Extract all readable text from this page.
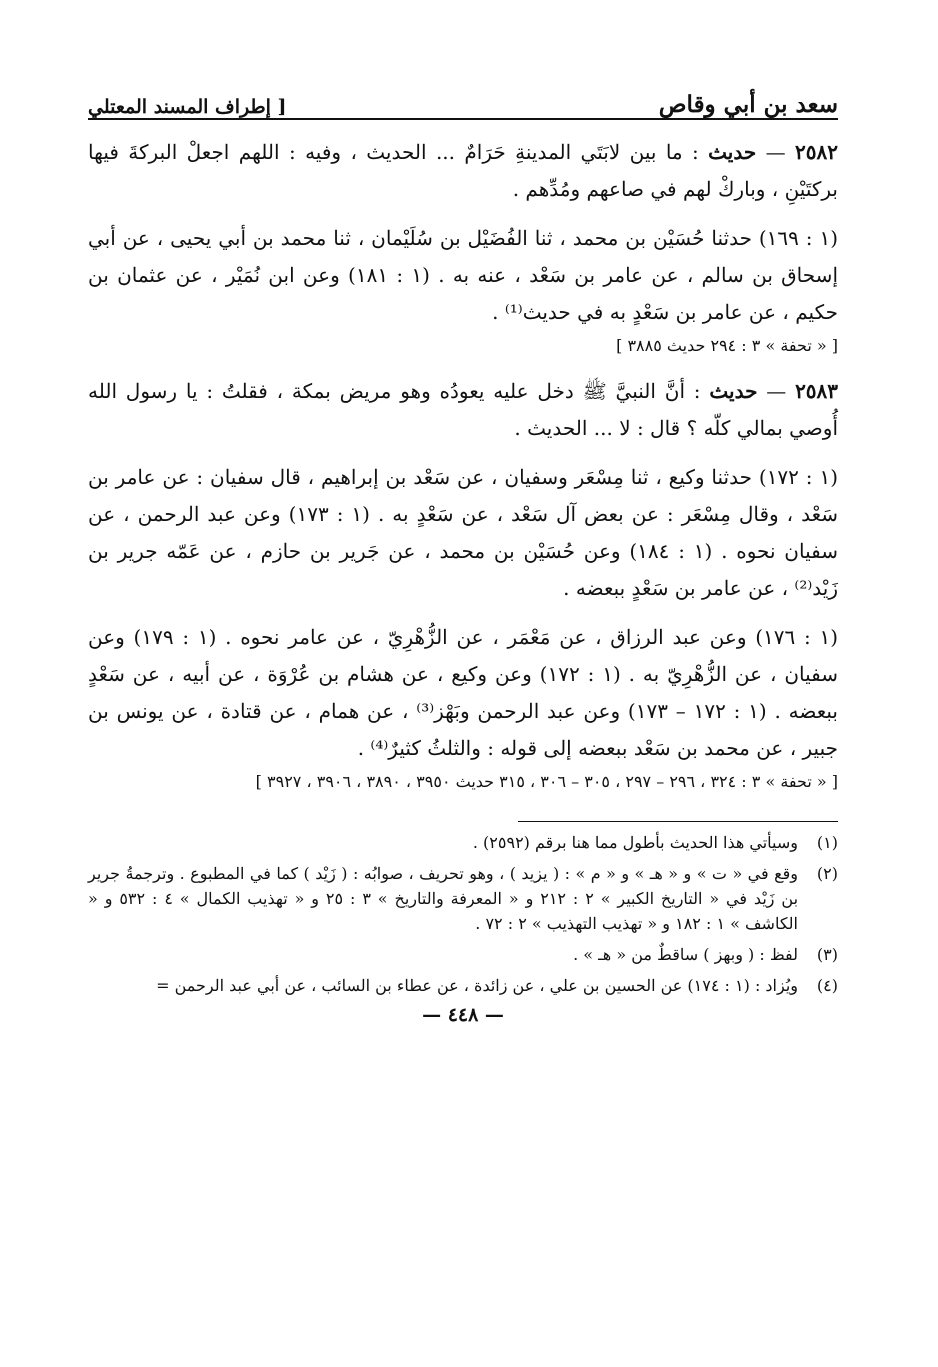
سعد بن أبي وقاص
[ إطراف المسند المعتلي

٢٥٨٢ — حديث : ما بين لابَتَي المدينةِ حَرَامٌ ... الحديث ، وفيه : اللهم اجعلْ البركةَ فيها بركتَيْنِ ، وباركْ لهم في صاعهم ومُدِّهم .

(١ : ١٦٩) حدثنا حُسَيْن بن محمد ، ثنا الفُضَيْل بن سُلَيْمان ، ثنا محمد بن أبي يحيى ، عن أبي إسحاق بن سالم ، عن عامر بن سَعْد ، عنه به . (١ : ١٨١) وعن ابن نُمَيْر ، عن عثمان بن حكيم ، عن عامر بن سَعْدٍ به في حديث⁽¹⁾ .

[ « تحفة » ٣ : ٢٩٤ حديث ٣٨٨٥ ]

٢٥٨٣ — حديث : أنَّ النبيَّ ﷺ دخل عليه يعودُه وهو مريض بمكة ، فقلتُ : يا رسول الله أُوصي بمالي كلّه ؟ قال : لا ... الحديث .

(١ : ١٧٢) حدثنا وكيع ، ثنا مِسْعَر وسفيان ، عن سَعْد بن إبراهيم ، قال سفيان : عن عامر بن سَعْد ، وقال مِسْعَر : عن بعض آل سَعْد ، عن سَعْدٍ به . (١ : ١٧٣) وعن عبد الرحمن ، عن سفيان نحوه . (١ : ١٨٤) وعن حُسَيْن بن محمد ، عن جَرير بن حازم ، عن عَمّه جرير بن زَيْد⁽²⁾ ، عن عامر بن سَعْدٍ ببعضه .

(١ : ١٧٦) وعن عبد الرزاق ، عن مَعْمَر ، عن الزُّهْرِيّ ، عن عامر نحوه . (١ : ١٧٩) وعن سفيان ، عن الزُّهْرِيّ به . (١ : ١٧٢) وعن وكيع ، عن هشام بن عُرْوَة ، عن أبيه ، عن سَعْدٍ ببعضه . (١ : ١٧٢ – ١٧٣) وعن عبد الرحمن وبَهْز⁽³⁾ ، عن همام ، عن قتادة ، عن يونس بن جبير ، عن محمد بن سَعْد ببعضه إلى قوله : والثلثُ كثيرٌ⁽⁴⁾ .

[ « تحفة » ٣ : ٣٢٤ ، ٢٩٦ – ٢٩٧ ، ٣٠٥ – ٣٠٦ ، ٣١٥ حديث ٣٩٥٠ ، ٣٨٩٠ ، ٣٩٠٦ ، ٣٩٢٧ ]

(١)
وسيأتي هذا الحديث بأطول مما هنا برقم (٢٥٩٢) .
(٢)
وقع في « ت » و « هـ » و « م » : ( يزيد ) ، وهو تحريف ، صوابُه : ( زَيْد ) كما في المطبوع . وترجمةُ جرير بن زَيْد في « التاريخ الكبير » ٢ : ٢١٢ و « المعرفة والتاريخ » ٣ : ٢٥ و « تهذيب الكمال » ٤ : ٥٣٢ و « الكاشف » ١ : ١٨٢ و « تهذيب التهذيب » ٢ : ٧٢ .
(٣)
لفظ : ( وبهز ) ساقطٌ من « هـ » .
(٤)
ويُزاد : (١ : ١٧٤) عن الحسين بن علي ، عن زائدة ، عن عطاء بن السائب ، عن أبي عبد الرحمن =
— ٤٤٨ —
